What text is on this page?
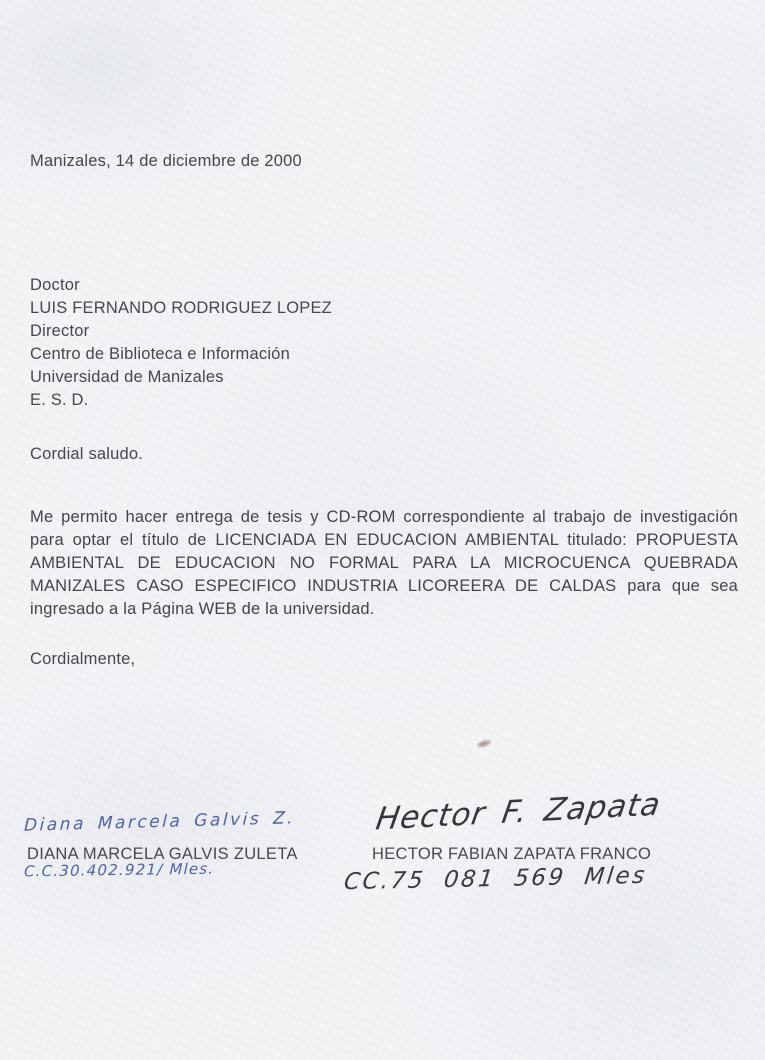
Manizales, 14 de diciembre de 2000
Doctor
LUIS FERNANDO RODRIGUEZ LOPEZ
Director
Centro de Biblioteca e Información
Universidad de Manizales
E. S. D.
Cordial saludo.
Me permito hacer entrega de tesis y CD-ROM correspondiente al trabajo de investigación para optar el título de LICENCIADA EN EDUCACION AMBIENTAL titulado: PROPUESTA AMBIENTAL DE EDUCACION NO FORMAL PARA LA MICROCUENCA QUEBRADA MANIZALES CASO ESPECIFICO INDUSTRIA LICOREERA DE CALDAS para que sea ingresado a la Página WEB de la universidad.
Cordialmente,
Diana Marcela Galvis Z.
DIANA MARCELA GALVIS ZULETA
C.C.30.402.921/ Mles.
Hector F. Zapata
HECTOR FABIAN ZAPATA FRANCO
CC.75 081 569 Mles
